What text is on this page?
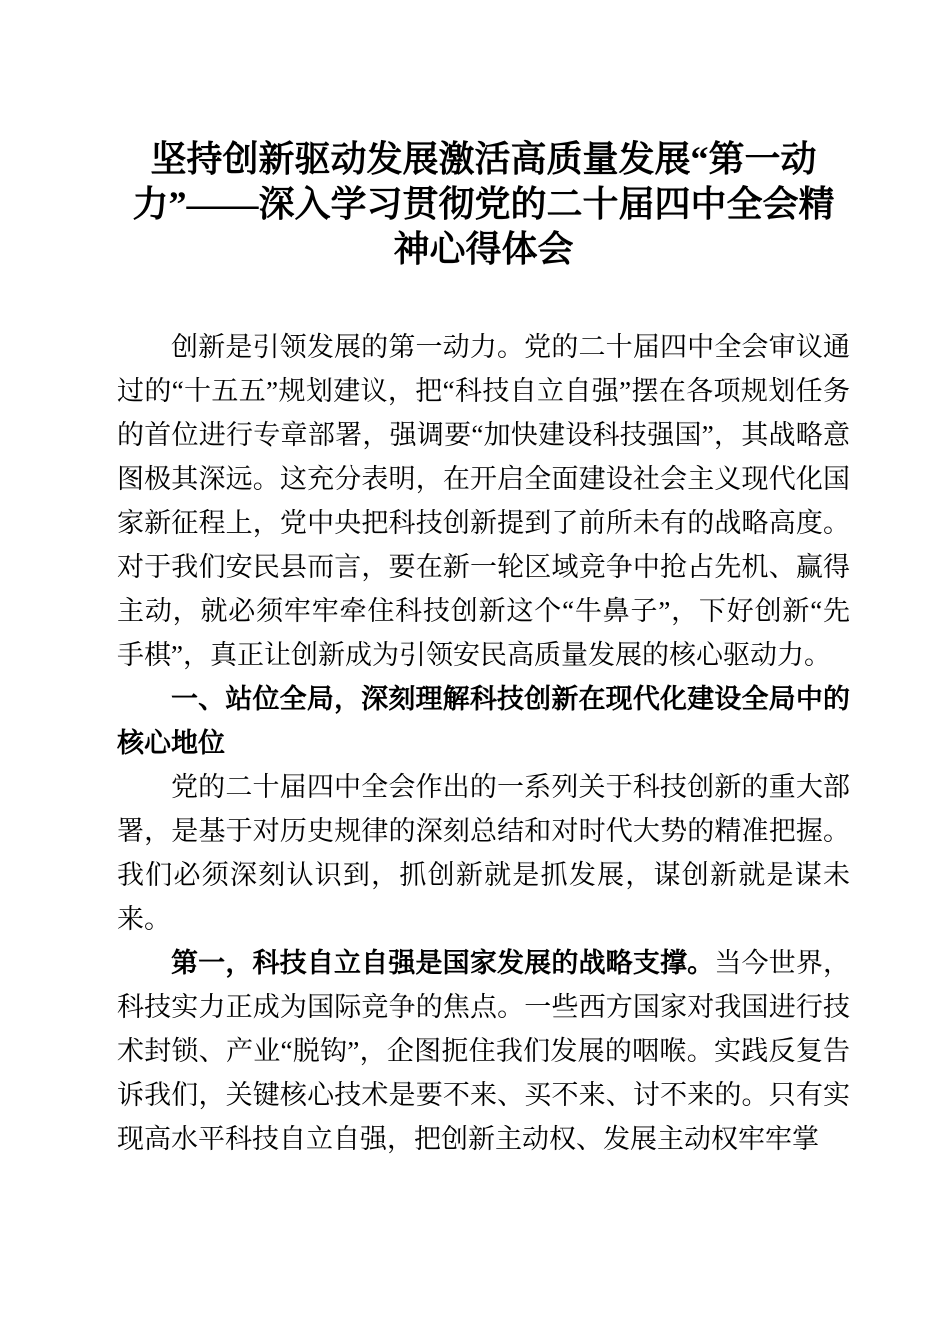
坚持创新驱动发展激活高质量发展“第一动
力”——深入学习贯彻党的二十届四中全会精
神心得体会

创新是引领发展的第一动力。党的二十届四中全会审议通过的“十五五”规划建议，把“科技自立自强”摆在各项规划任务的首位进行专章部署，强调要“加快建设科技强国”，其战略意图极其深远。这充分表明，在开启全面建设社会主义现代化国家新征程上，党中央把科技创新提到了前所未有的战略高度。对于我们安民县而言，要在新一轮区域竞争中抢占先机、赢得主动，就必须牢牢牵住科技创新这个“牛鼻子”，下好创新“先手棋”，真正让创新成为引领安民高质量发展的核心驱动力。

一、站位全局，深刻理解科技创新在现代化建设全局中的核心地位

党的二十届四中全会作出的一系列关于科技创新的重大部署，是基于对历史规律的深刻总结和对时代大势的精准把握。我们必须深刻认识到，抓创新就是抓发展，谋创新就是谋未来。

第一，科技自立自强是国家发展的战略支撑。当今世界，科技实力正成为国际竞争的焦点。一些西方国家对我国进行技术封锁、产业“脱钩”，企图扼住我们发展的咽喉。实践反复告诉我们，关键核心技术是要不来、买不来、讨不来的。只有实现高水平科技自立自强，把创新主动权、发展主动权牢牢掌
